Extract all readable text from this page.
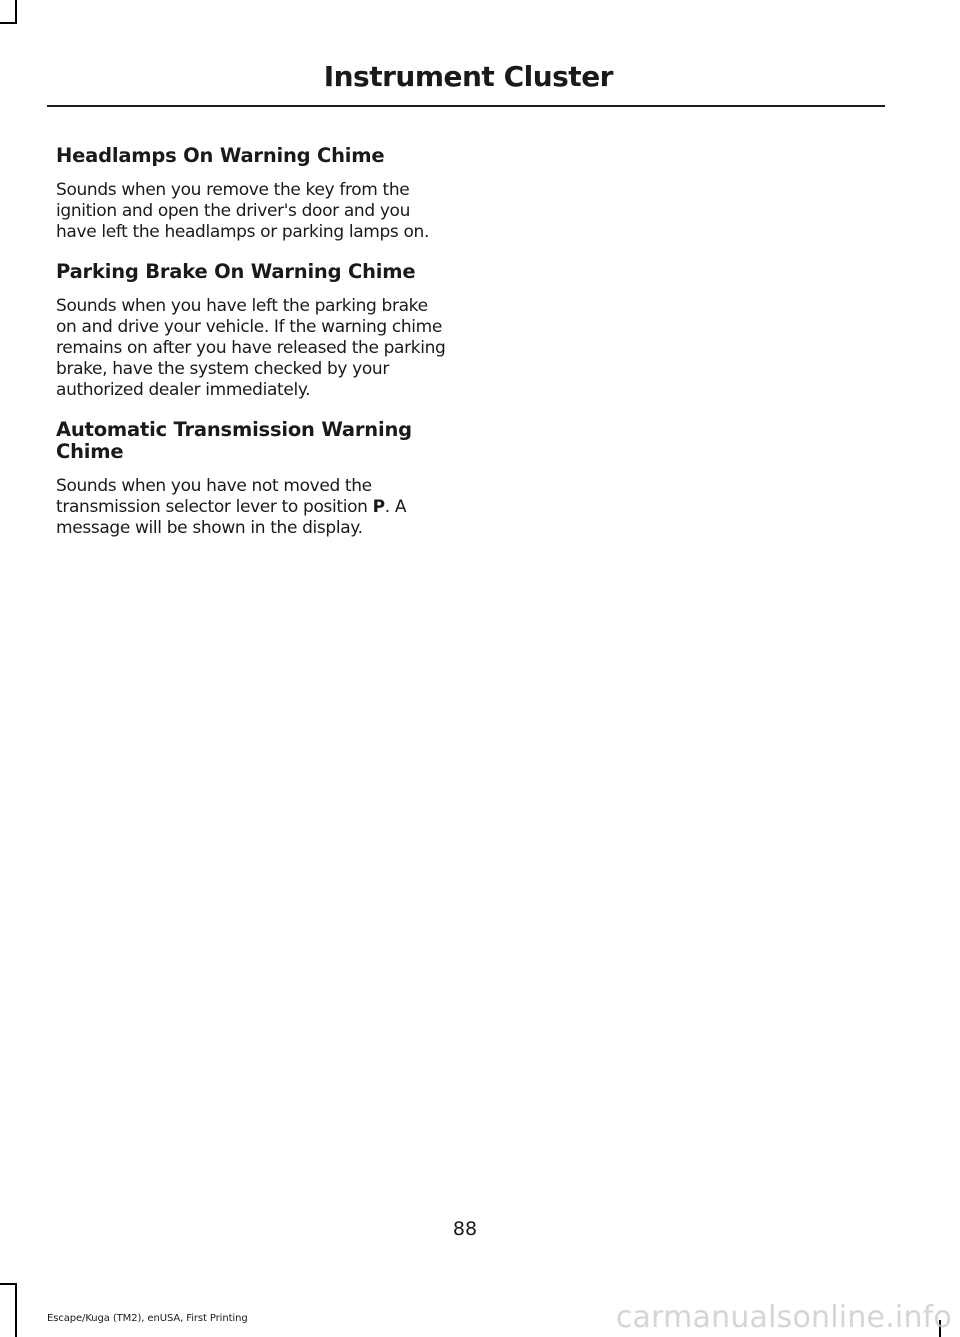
Instrument Cluster
Headlamps On Warning Chime

Sounds when you remove the key from the ignition and open the driver's door and you have left the headlamps or parking lamps on.

Parking Brake On Warning Chime

Sounds when you have left the parking brake on and drive your vehicle. If the warning chime remains on after you have released the parking brake, have the system checked by your authorized dealer immediately.

Automatic Transmission Warning Chime

Sounds when you have not moved the transmission selector lever to position P. A message will be shown in the display.

88

Escape/Kuga (TM2), enUSA, First Printing	carmanualsonline.info
